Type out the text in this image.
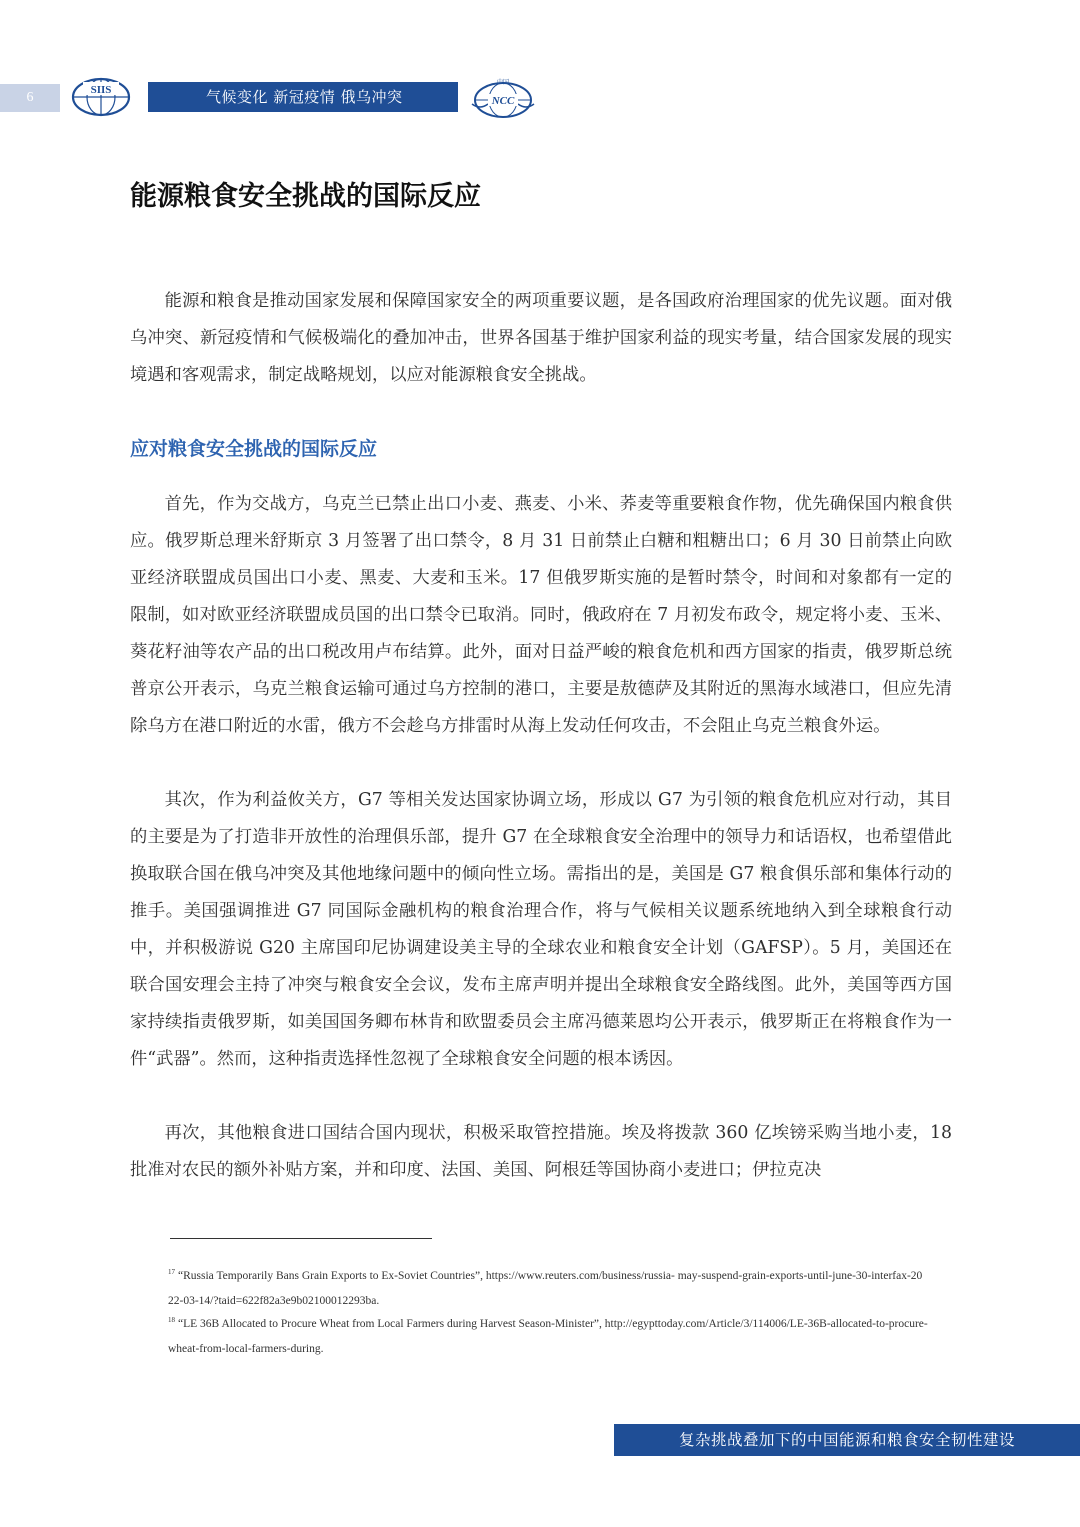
6	SIIS	气候变化 新冠疫情 俄乌冲突
中国
NCC
能源粮食安全挑战的国际反应

能源和粮食是推动国家发展和保障国家安全的两项重要议题，是各国政府治理国家的优先议题。面对俄乌冲突、新冠疫情和气候极端化的叠加冲击，世界各国基于维护国家利益的现实考量，结合国家发展的现实境遇和客观需求，制定战略规划，以应对能源粮食安全挑战。

应对粮食安全挑战的国际反应

首先，作为交战方，乌克兰已禁止出口小麦、燕麦、小米、荞麦等重要粮食作物，优先确保国内粮食供应。俄罗斯总理米舒斯京 3 月签署了出口禁令，8 月 31 日前禁止白糖和粗糖出口；6 月 30 日前禁止向欧亚经济联盟成员国出口小麦、黑麦、大麦和玉米。17 但俄罗斯实施的是暂时禁令，时间和对象都有一定的限制，如对欧亚经济联盟成员国的出口禁令已取消。同时，俄政府在 7 月初发布政令，规定将小麦、玉米、葵花籽油等农产品的出口税改用卢布结算。此外，面对日益严峻的粮食危机和西方国家的指责，俄罗斯总统普京公开表示，乌克兰粮食运输可通过乌方控制的港口，主要是敖德萨及其附近的黑海水域港口，但应先清除乌方在港口附近的水雷，俄方不会趁乌方排雷时从海上发动任何攻击，不会阻止乌克兰粮食外运。

其次，作为利益攸关方，G7 等相关发达国家协调立场，形成以 G7 为引领的粮食危机应对行动，其目的主要是为了打造非开放性的治理俱乐部，提升 G7 在全球粮食安全治理中的领导力和话语权，也希望借此换取联合国在俄乌冲突及其他地缘问题中的倾向性立场。需指出的是，美国是 G7 粮食俱乐部和集体行动的推手。美国强调推进 G7 同国际金融机构的粮食治理合作，将与气候相关议题系统地纳入到全球粮食行动中，并积极游说 G20 主席国印尼协调建设美主导的全球农业和粮食安全计划（GAFSP）。5 月，美国还在联合国安理会主持了冲突与粮食安全会议，发布主席声明并提出全球粮食安全路线图。此外，美国等西方国家持续指责俄罗斯，如美国国务卿布林肯和欧盟委员会主席冯德莱恩均公开表示，俄罗斯正在将粮食作为一件“武器”。然而，这种指责选择性忽视了全球粮食安全问题的根本诱因。

再次，其他粮食进口国结合国内现状，积极采取管控措施。埃及将拨款 360 亿埃镑采购当地小麦，18批准对农民的额外补贴方案，并和印度、法国、美国、阿根廷等国协商小麦进口；伊拉克决

$^{17}$ “Russia Temporarily Bans Grain Exports to Ex-Soviet Countries”, https://www.reuters.com/business/russia- may-suspend-grain-exports-until-june-30-interfax-2022-03-14/?taid=622f82a3e9b02100012293ba.

$^{18}$ “LE 36B Allocated to Procure Wheat from Local Farmers during Harvest Season-Minister”, http://egypttoday.com/Article/3/114006/LE-36B-allocated-to-procure-wheat-from-local-farmers-during.

复杂挑战叠加下的中国能源和粮食安全韧性建设
